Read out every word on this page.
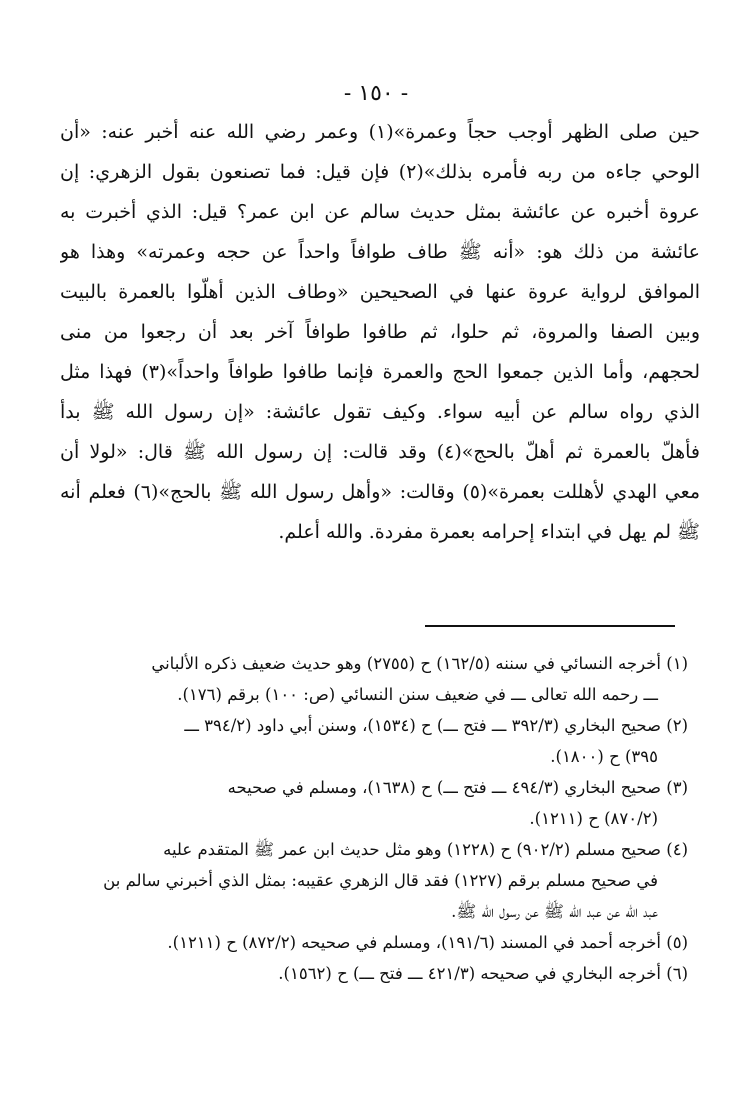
- ١٥٠ -
حين صلى الظهر أوجب حجاً وعمرة»(١) وعمر رضي الله عنه أخبر عنه: «أن
الوحي جاءه من ربه فأمره بذلك»(٢) فإن قيل: فما تصنعون بقول الزهري: إن
عروة أخبره عن عائشة بمثل حديث سالم عن ابن عمر؟ قيل: الذي أخبرت به
عائشة من ذلك هو: «أنه ﷺ طاف طوافاً واحداً عن حجه وعمرته» وهذا هو
الموافق لرواية عروة عنها في الصحيحين «وطاف الذين أهلّوا بالعمرة بالبيت
وبين الصفا والمروة، ثم حلوا، ثم طافوا طوافاً آخر بعد أن رجعوا من منى
لحجهم، وأما الذين جمعوا الحج والعمرة فإنما طافوا طوافاً واحداً»(٣) فهذا مثل
الذي رواه سالم عن أبيه سواء. وكيف تقول عائشة: «إن رسول الله ﷺ بدأ
فأهلّ بالعمرة ثم أهلّ بالحج»(٤) وقد قالت: إن رسول الله ﷺ قال: «لولا أن
معي الهدي لأهللت بعمرة»(٥) وقالت: «وأهل رسول الله ﷺ بالحج»(٦) فعلم أنه
ﷺ لم يهل في ابتداء إحرامه بعمرة مفردة. والله أعلم.
(١) أخرجه النسائي في سننه (١٦٢/٥) ح (٢٧٥٥) وهو حديث ضعيف ذكره الألباني
ـــ رحمه الله تعالى ـــ في ضعيف سنن النسائي (ص: ١٠٠) برقم (١٧٦).
(٢) صحيح البخاري (٣٩٢/٣ ـــ فتح ـــ) ح (١٥٣٤)، وسنن أبي داود (٣٩٤/٢ ـــ
٣٩٥) ح (١٨٠٠).
(٣) صحيح البخاري (٤٩٤/٣ ـــ فتح ـــ) ح (١٦٣٨)، ومسلم في صحيحه
(٨٧٠/٢) ح (١٢١١).
(٤) صحيح مسلم (٩٠٢/٢) ح (١٢٢٨) وهو مثل حديث ابن عمر ﷺ المتقدم عليه
في صحيح مسلم برقم (١٢٢٧) فقد قال الزهري عقيبه: بمثل الذي أخبرني سالم بن
عبد الله عن عبد الله ﷺ عن رسول الله ﷺ.
(٥) أخرجه أحمد في المسند (١٩١/٦)، ومسلم في صحيحه (٨٧٢/٢) ح (١٢١١).
(٦) أخرجه البخاري في صحيحه (٤٢١/٣ ـــ فتح ـــ) ح (١٥٦٢).
